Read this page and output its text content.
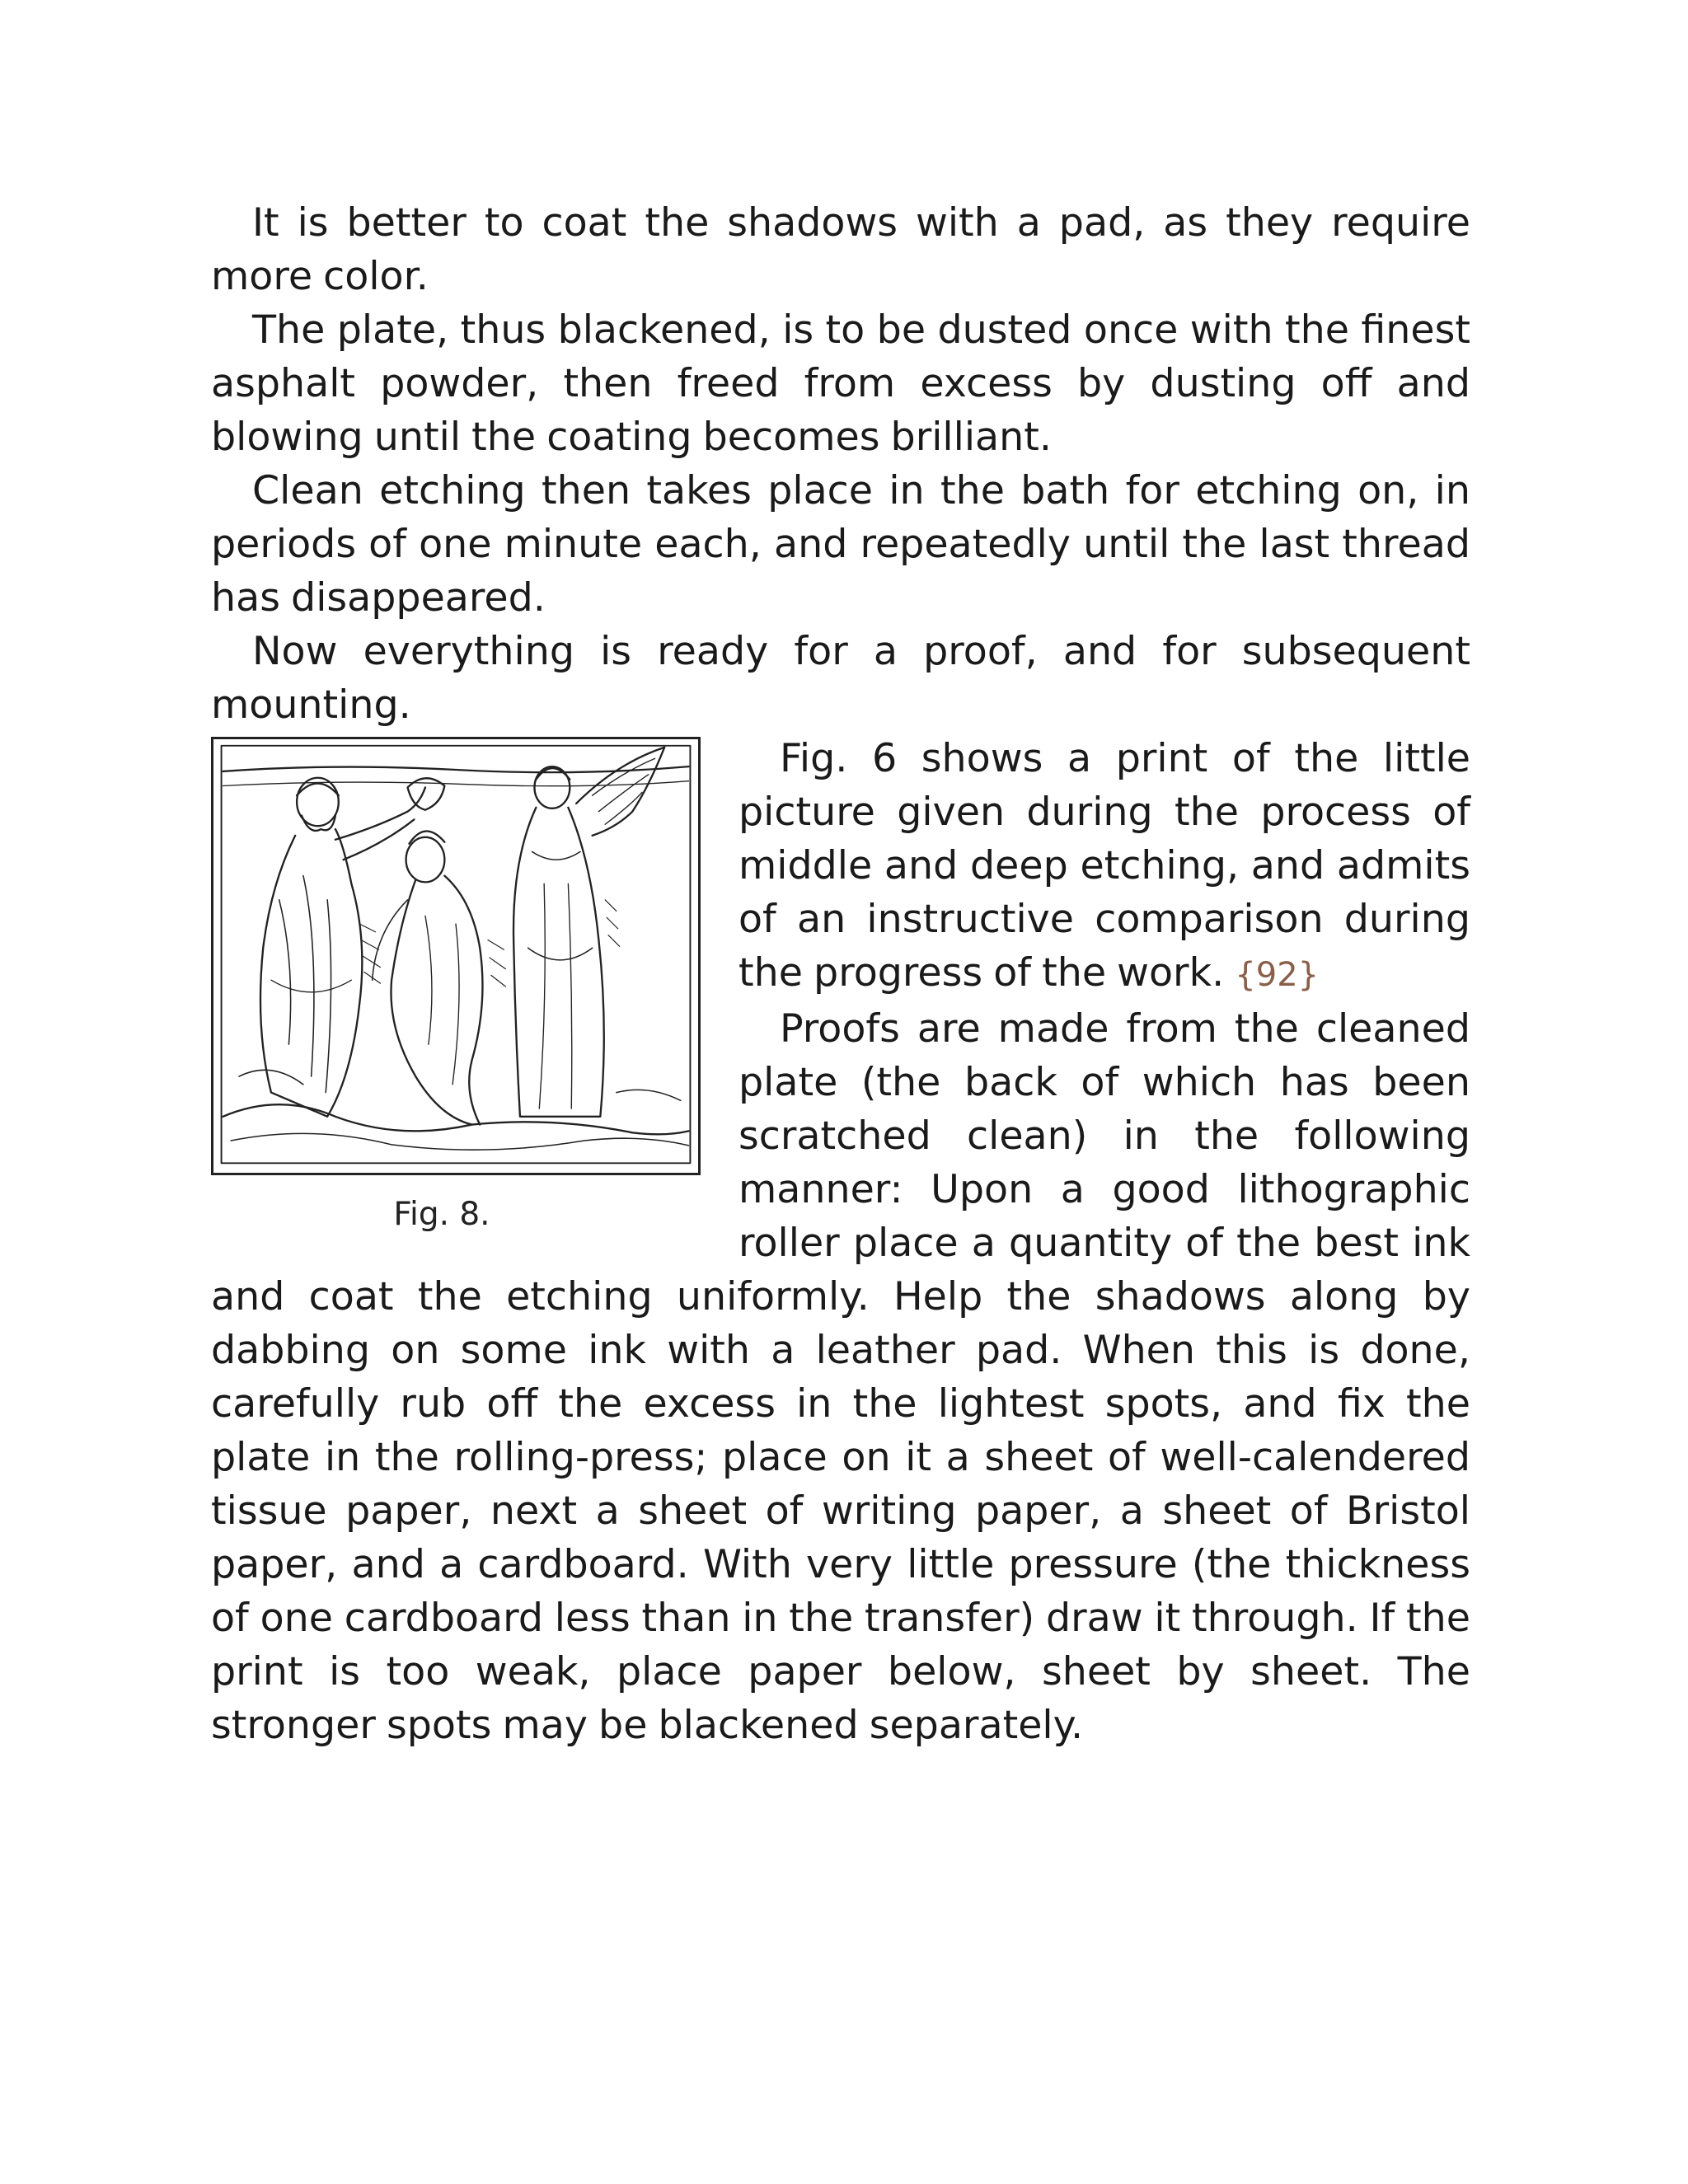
It is better to coat the shadows with a pad, as they require more color.

The plate, thus blackened, is to be dusted once with the finest asphalt powder, then freed from excess by dusting off and blowing until the coating becomes brilliant.

Clean etching then takes place in the bath for etching on, in periods of one minute each, and repeatedly until the last thread has disappeared.

Now everything is ready for a proof, and for subsequent mounting.

Fig. 8.

Fig. 6 shows a print of the little picture given during the process of middle and deep etching, and admits of an instructive comparison during the progress of the work. {92}

Proofs are made from the cleaned plate (the back of which has been scratched clean) in the following manner: Upon a good lithographic roller place a quantity of the best ink and coat the etching uniformly. Help the shadows along by dabbing on some ink with a leather pad. When this is done, carefully rub off the excess in the lightest spots, and fix the plate in the rolling-press; place on it a sheet of well-calendered tissue paper, next a sheet of writing paper, a sheet of Bristol paper, and a cardboard. With very little pressure (the thickness of one cardboard less than in the transfer) draw it through. If the print is too weak, place paper below, sheet by sheet. The stronger spots may be blackened separately.
